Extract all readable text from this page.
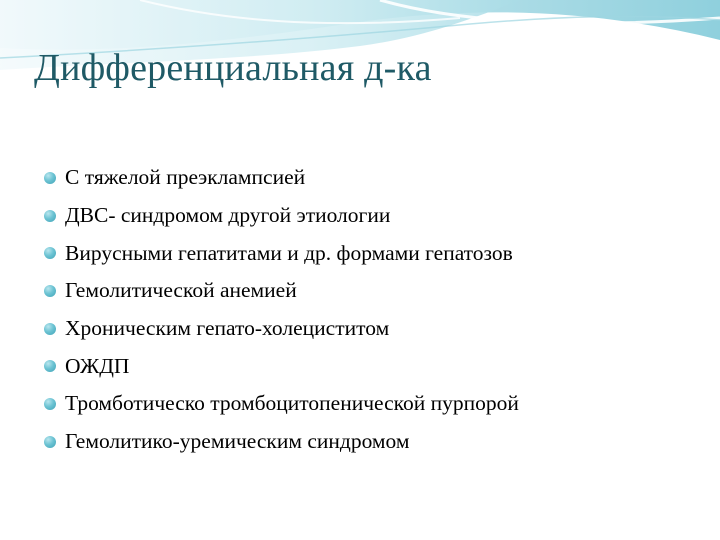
Дифференциальная д-ка
С тяжелой преэклампсией
ДВС- синдромом другой этиологии
Вирусными гепатитами и др. формами гепатозов
Гемолитической анемией
Хроническим гепато-холециститом
ОЖДП
Тромботическо тромбоцитопенической пурпорой
Гемолитико-уремическим синдромом
